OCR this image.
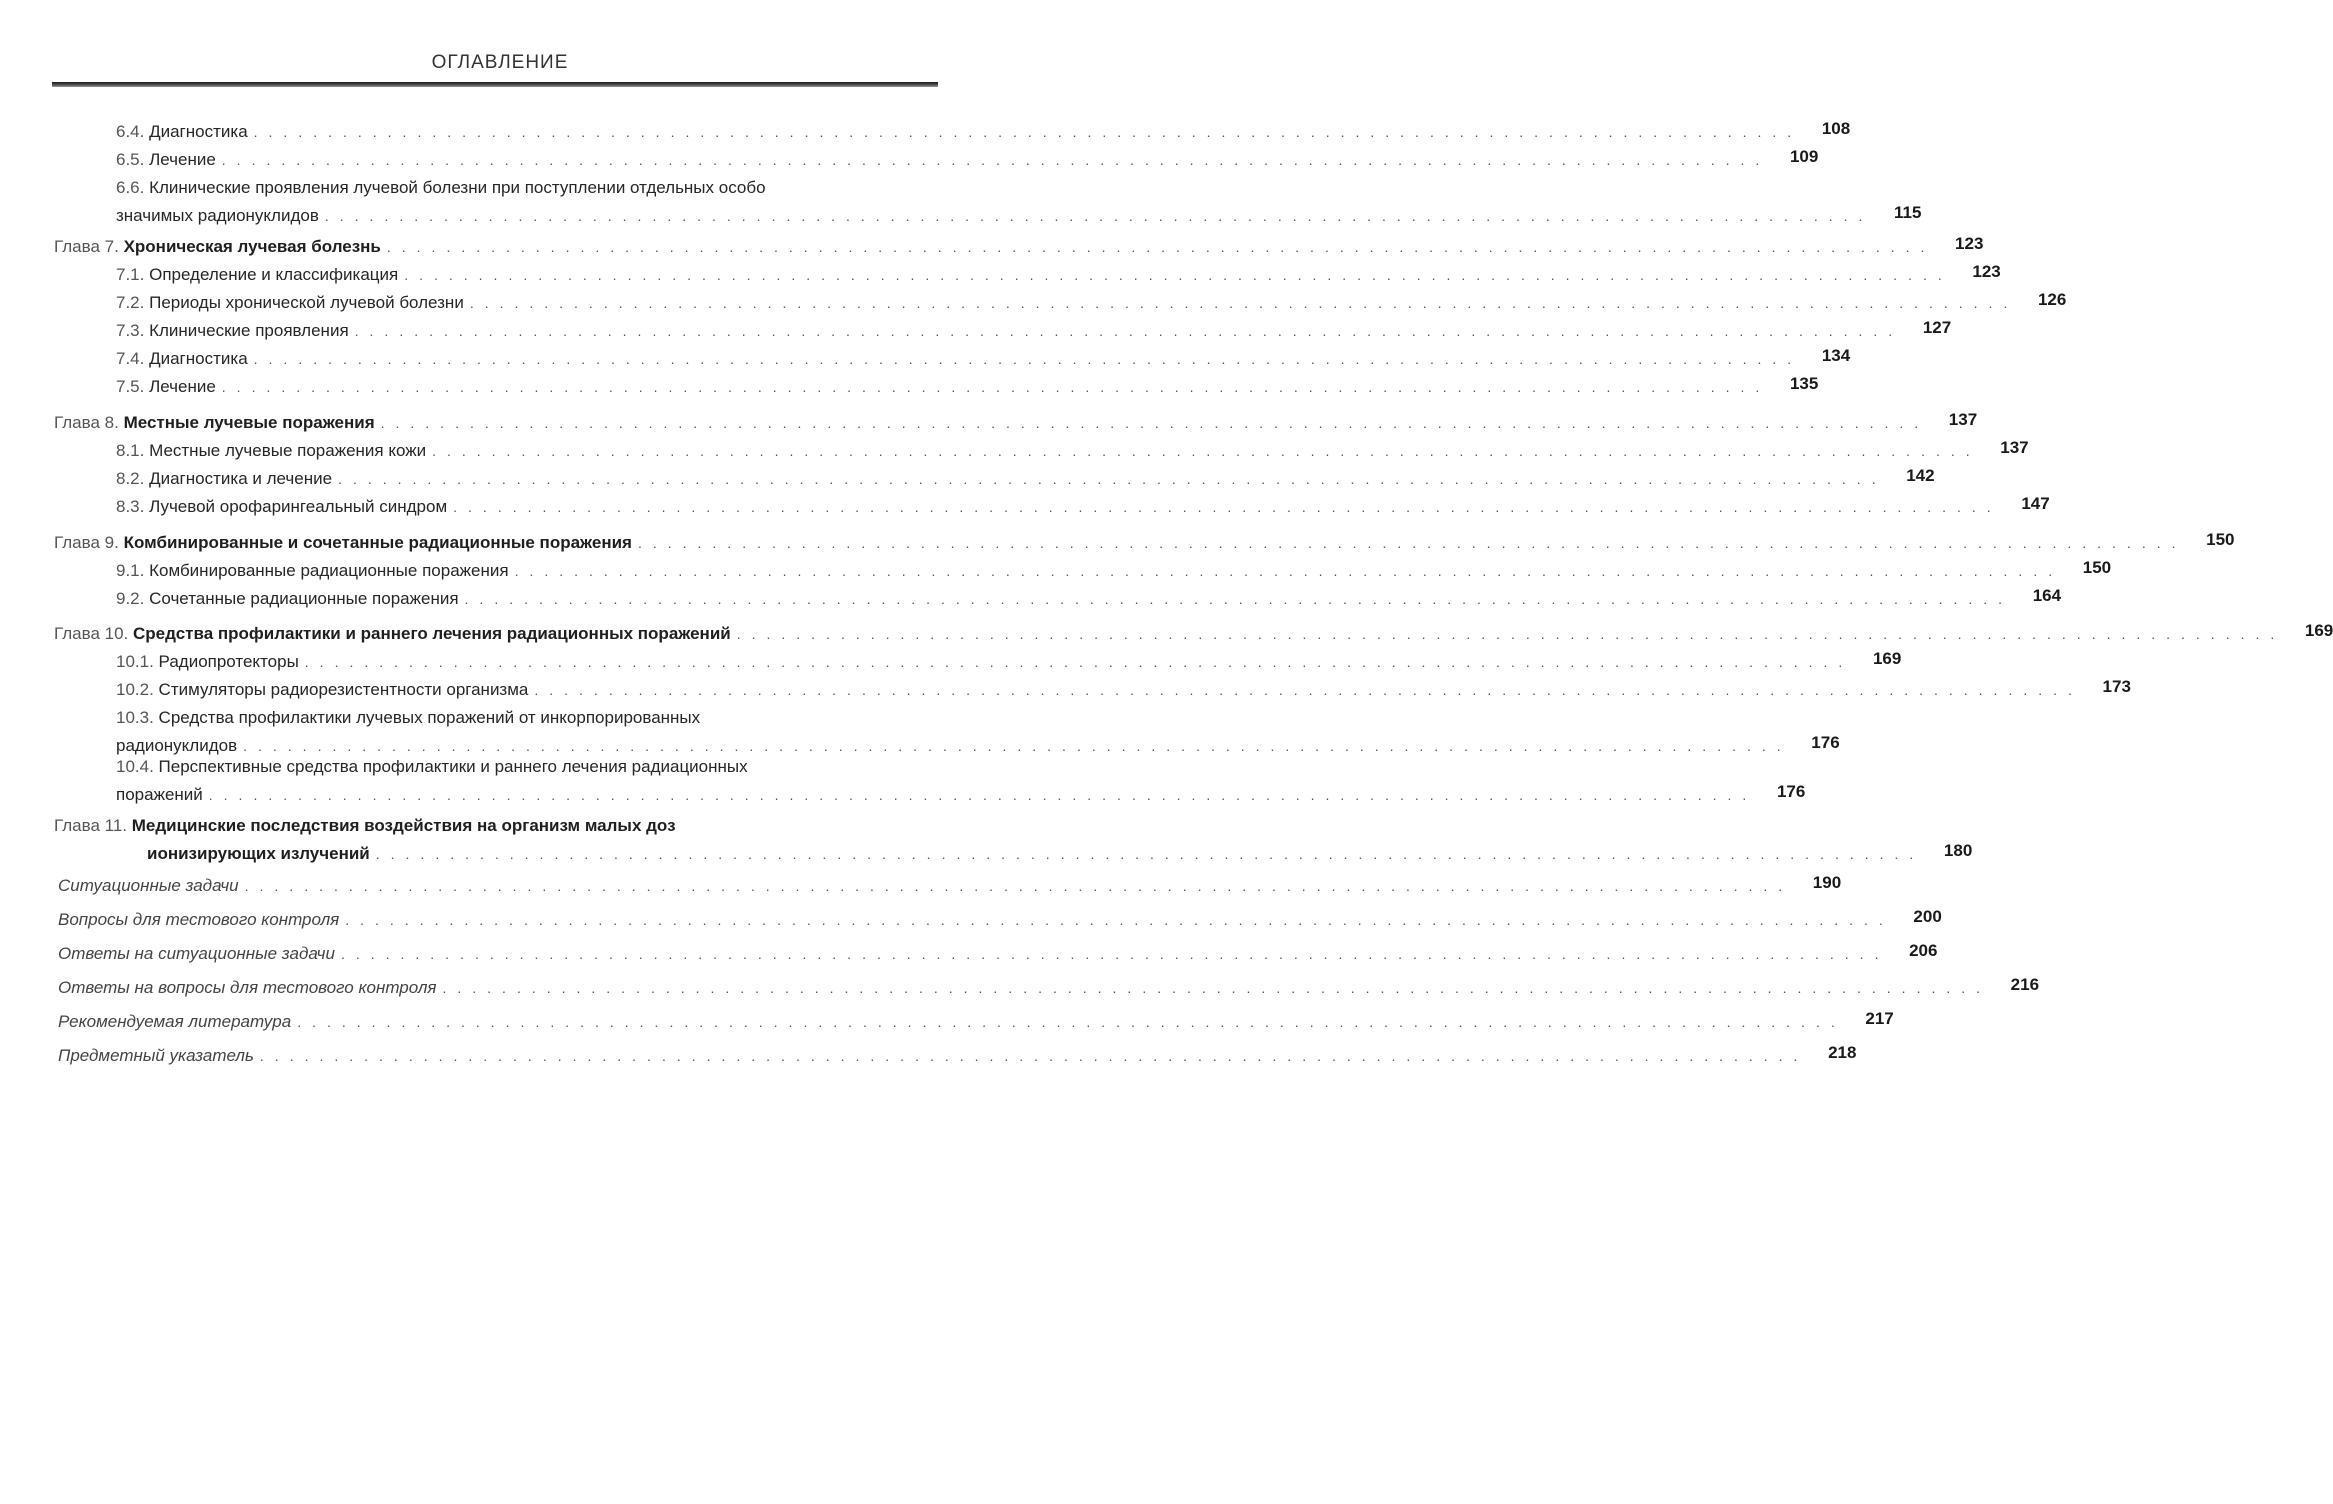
ОГЛАВЛЕНИЕ
6.4. Диагностика ........................................................................................................	108
6.5. Лечение ........................................................................................................	109
6.6. Клинические проявления лучевой болезни при поступлении отдельных особо
значимых радионуклидов ........................................................................................................	115
Глава 7. Хроническая лучевая болезнь ........................................................................................................	123
7.1. Определение и классификация ........................................................................................................	123
7.2. Периоды хронической лучевой болезни ........................................................................................................	126
7.3. Клинические проявления ........................................................................................................	127
7.4. Диагностика ........................................................................................................	134
7.5. Лечение ........................................................................................................	135
Глава 8. Местные лучевые поражения ........................................................................................................	137
8.1. Местные лучевые поражения кожи ........................................................................................................	137
8.2. Диагностика и лечение ........................................................................................................	142
8.3. Лучевой орофарингеальный синдром ........................................................................................................	147
Глава 9. Комбинированные и сочетанные радиационные поражения ........................................................................................................	150
9.1. Комбинированные радиационные поражения ........................................................................................................	150
9.2. Сочетанные радиационные поражения ........................................................................................................	164
Глава 10. Средства профилактики и раннего лечения радиационных поражений ........................................................................................................	169
10.1. Радиопротекторы ........................................................................................................	169
10.2. Стимуляторы радиорезистентности организма ........................................................................................................	173
10.3. Средства профилактики лучевых поражений от инкорпорированных
радионуклидов ........................................................................................................	176
10.4. Перспективные средства профилактики и раннего лечения радиационных
поражений ........................................................................................................	176
Глава 11. Медицинские последствия воздействия на организм малых доз
ионизирующих излучений ........................................................................................................	180
Ситуационные задачи ........................................................................................................	190
Вопросы для тестового контроля ........................................................................................................	200
Ответы на ситуационные задачи ........................................................................................................	206
Ответы на вопросы для тестового контроля ........................................................................................................	216
Рекомендуемая литература ........................................................................................................	217
Предметный указатель ........................................................................................................	218
